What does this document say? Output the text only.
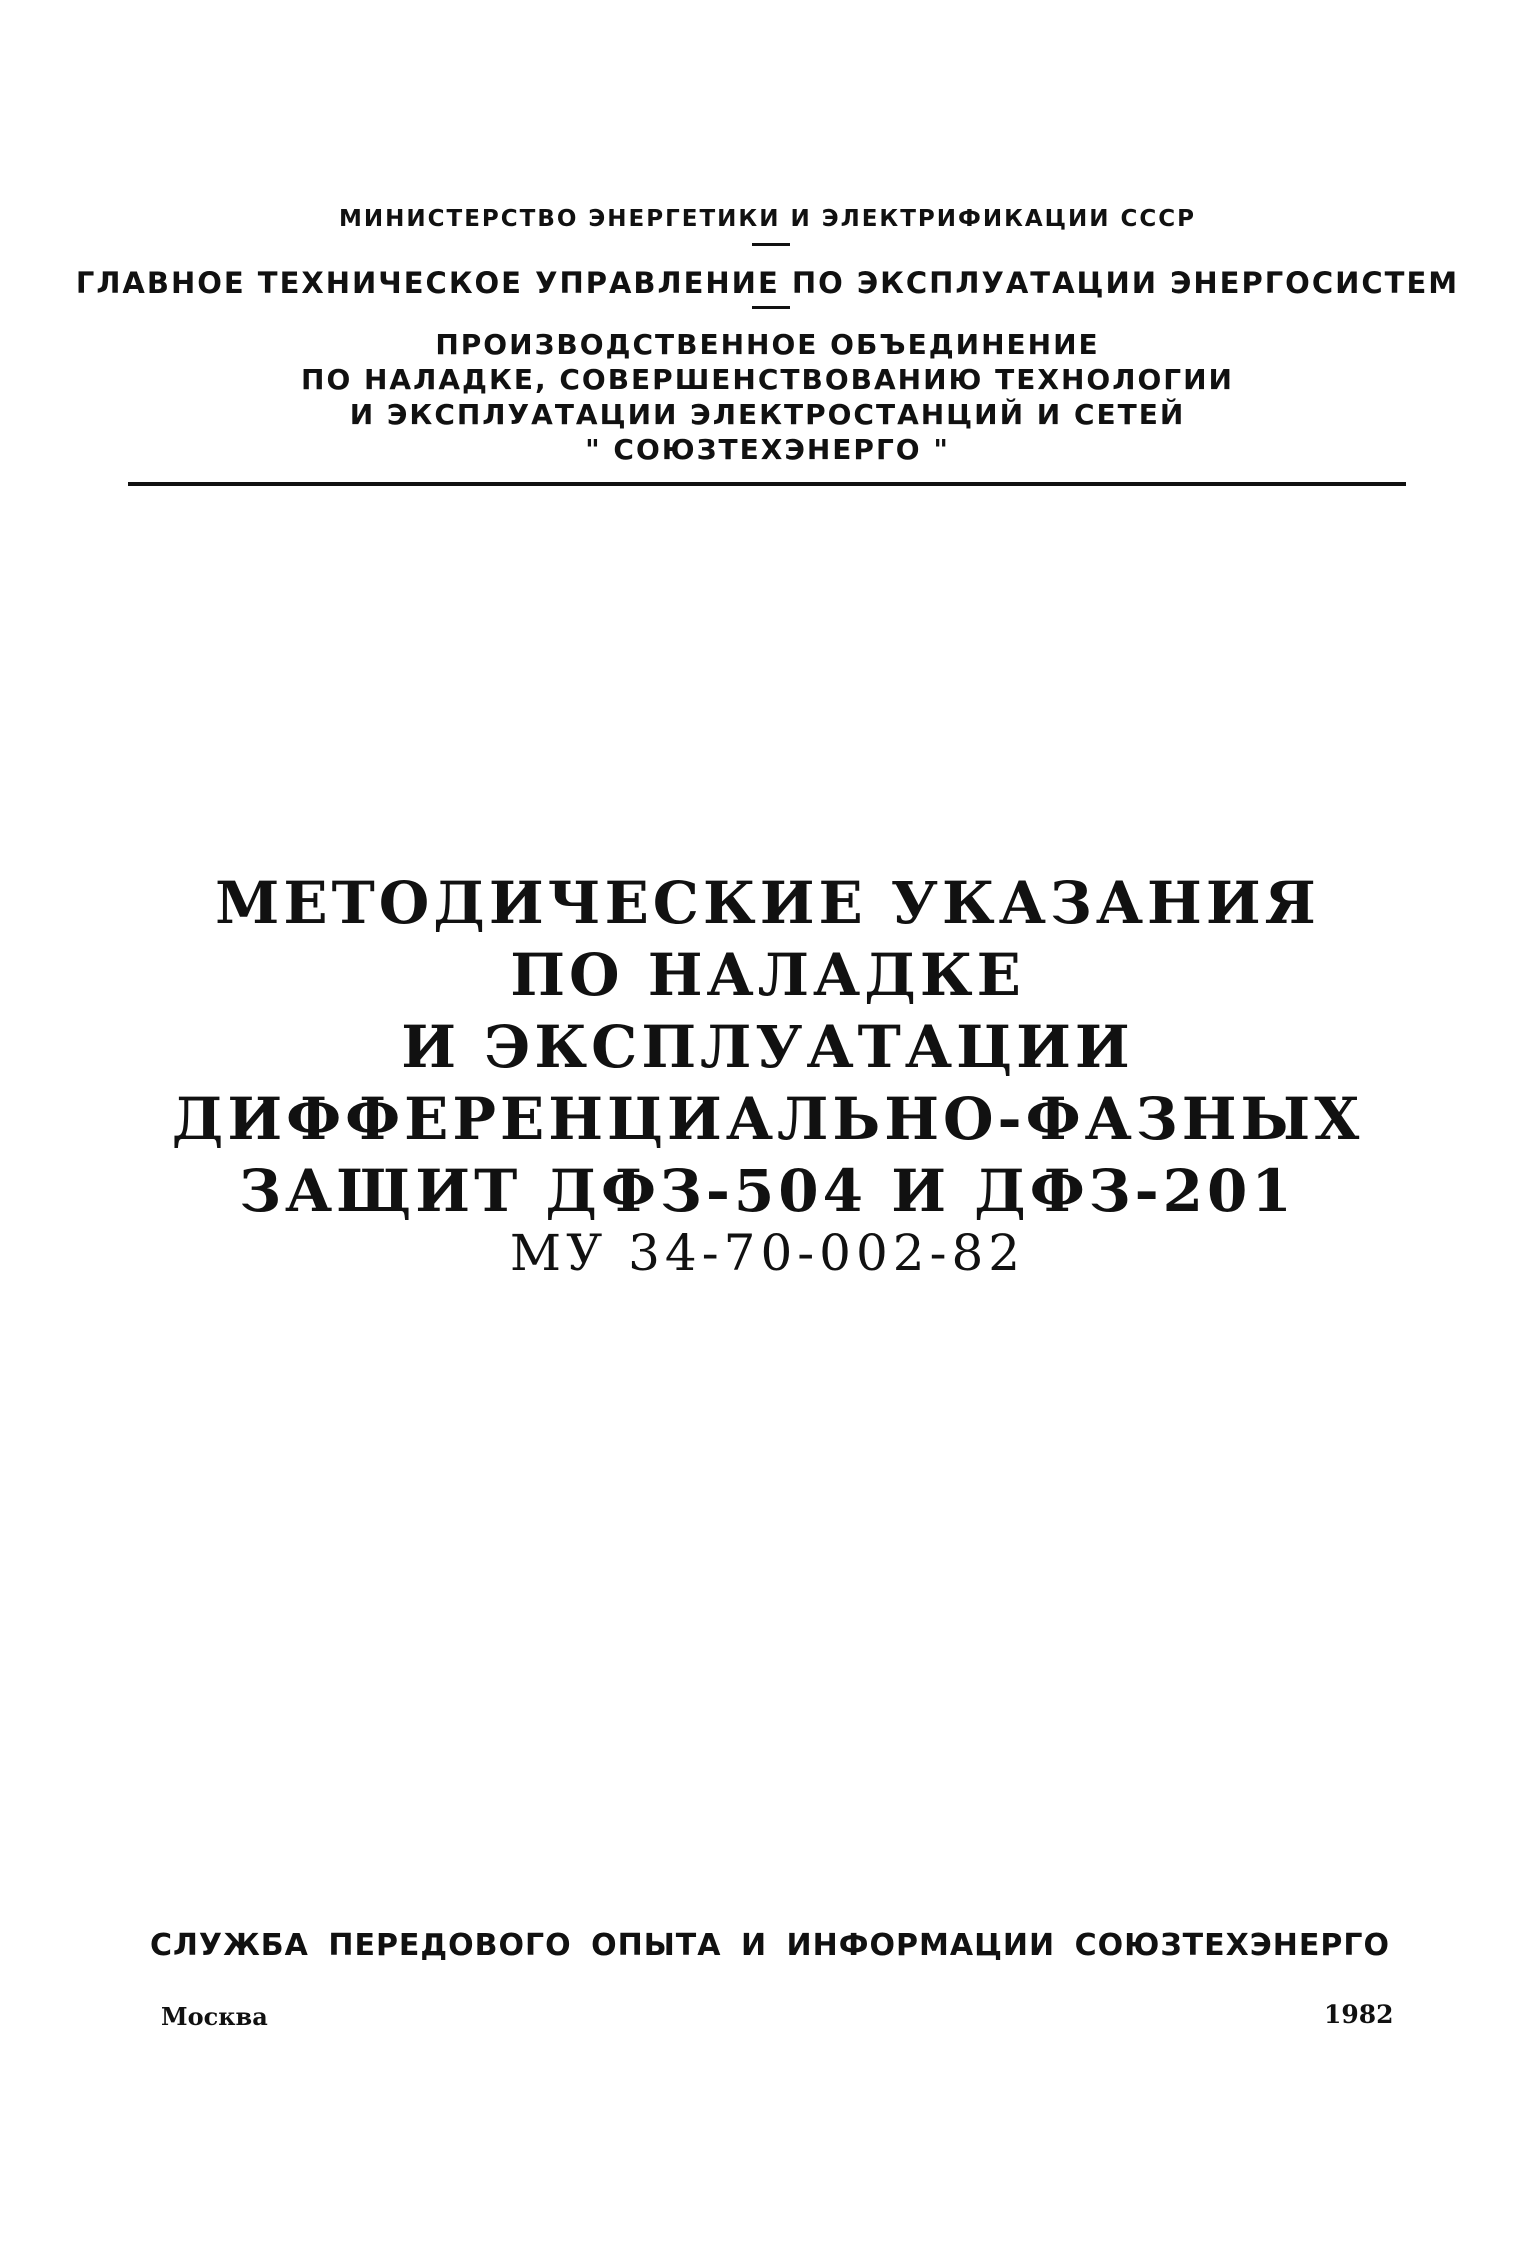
МИНИСТЕРСТВО ЭНЕРГЕТИКИ И ЭЛЕКТРИФИКАЦИИ СССР
ГЛАВНОЕ ТЕХНИЧЕСКОЕ УПРАВЛЕНИЕ ПО ЭКСПЛУАТАЦИИ ЭНЕРГОСИСТЕМ
ПРОИЗВОДСТВЕННОЕ ОБЪЕДИНЕНИЕ
ПО НАЛАДКЕ, СОВЕРШЕНСТВОВАНИЮ ТЕХНОЛОГИИ
И ЭКСПЛУАТАЦИИ ЭЛЕКТРОСТАНЦИЙ И СЕТЕЙ
" СОЮЗТЕХЭНЕРГО "
МЕТОДИЧЕСКИЕ УКАЗАНИЯ
ПО НАЛАДКЕ
И ЭКСПЛУАТАЦИИ
ДИФФЕРЕНЦИАЛЬНО-ФАЗНЫХ
ЗАЩИТ ДФЗ-504 И ДФЗ-201
МУ 34-70-002-82
СЛУЖБА ПЕРЕДОВОГО ОПЫТА И ИНФОРМАЦИИ СОЮЗТЕХЭНЕРГО
Москва	1982
